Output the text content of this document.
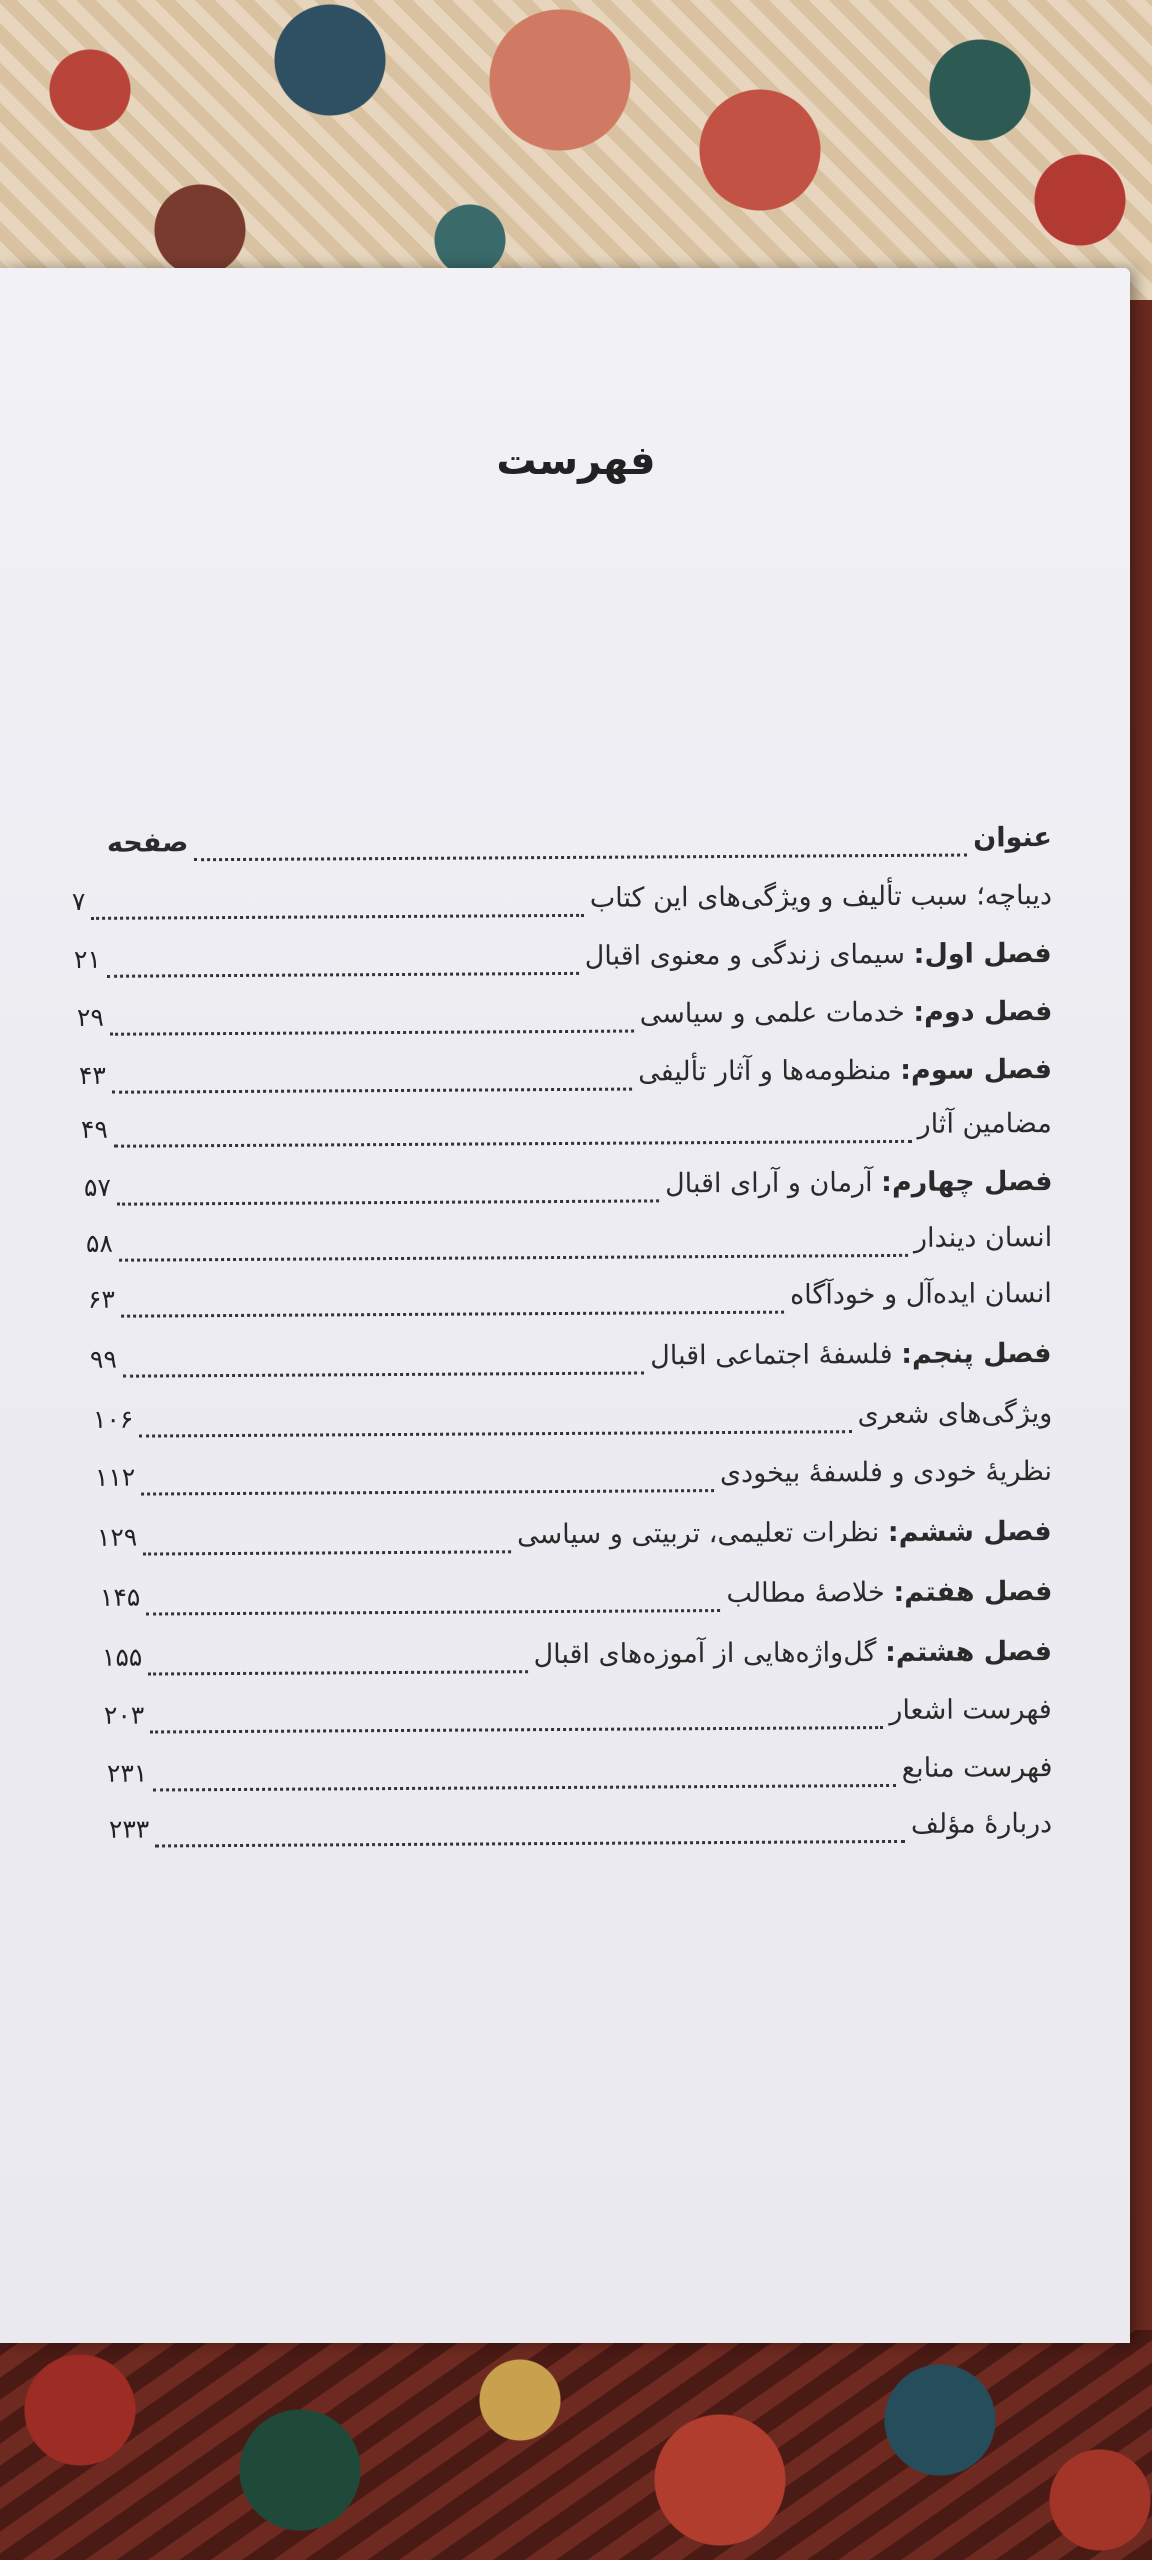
فهرست
عنوان
صفحه
دیباچه؛ سبب تألیف و ویژگی‌های این کتاب
۷
فصل اول: سیمای زندگی و معنوی اقبال
۲۱
فصل دوم: خدمات علمی و سیاسی
۲۹
فصل سوم: منظومه‌ها و آثار تألیفی
۴۳
مضامین آثار
۴۹
فصل چهارم: آرمان و آرای اقبال
۵۷
انسان دیندار
۵۸
انسان ایده‌آل و خودآگاه
۶۳
فصل پنجم: فلسفهٔ اجتماعی اقبال
۹۹
ویژگی‌های شعری
۱۰۶
نظریهٔ خودی و فلسفهٔ بیخودی
۱۱۲
فصل ششم: نظرات تعلیمی، تربیتی و سیاسی
۱۲۹
فصل هفتم: خلاصهٔ مطالب
۱۴۵
فصل هشتم: گل‌واژه‌هایی از آموزه‌های اقبال
۱۵۵
فهرست اشعار
۲۰۳
فهرست منابع
۲۳۱
دربارهٔ مؤلف
۲۳۳
